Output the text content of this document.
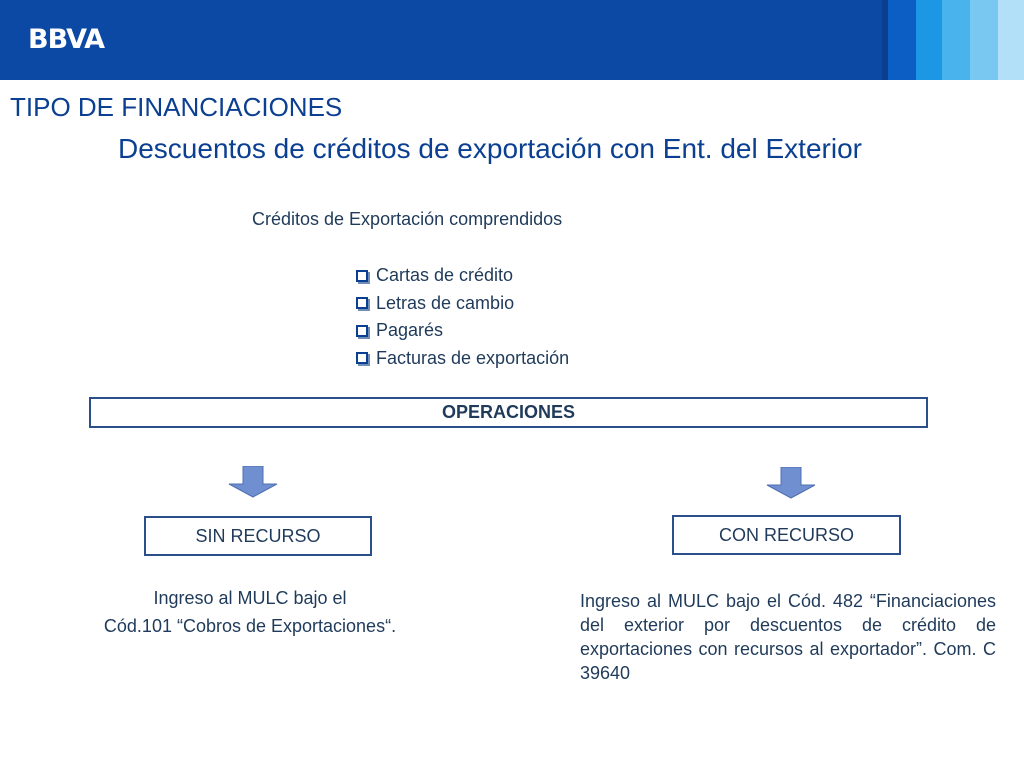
BBVA
TIPO DE FINANCIACIONES
Descuentos de créditos de exportación con Ent. del Exterior
Créditos de Exportación comprendidos
Cartas de crédito
Letras de cambio
Pagarés
Facturas de exportación
OPERACIONES
SIN RECURSO	CON RECURSO
Ingreso al MULC bajo el
Cód.101 “Cobros de Exportaciones“.
Ingreso al MULC bajo el Cód. 482 “Financiaciones del exterior por descuentos de crédito de exportaciones con recursos al exportador”. Com. C 39640
